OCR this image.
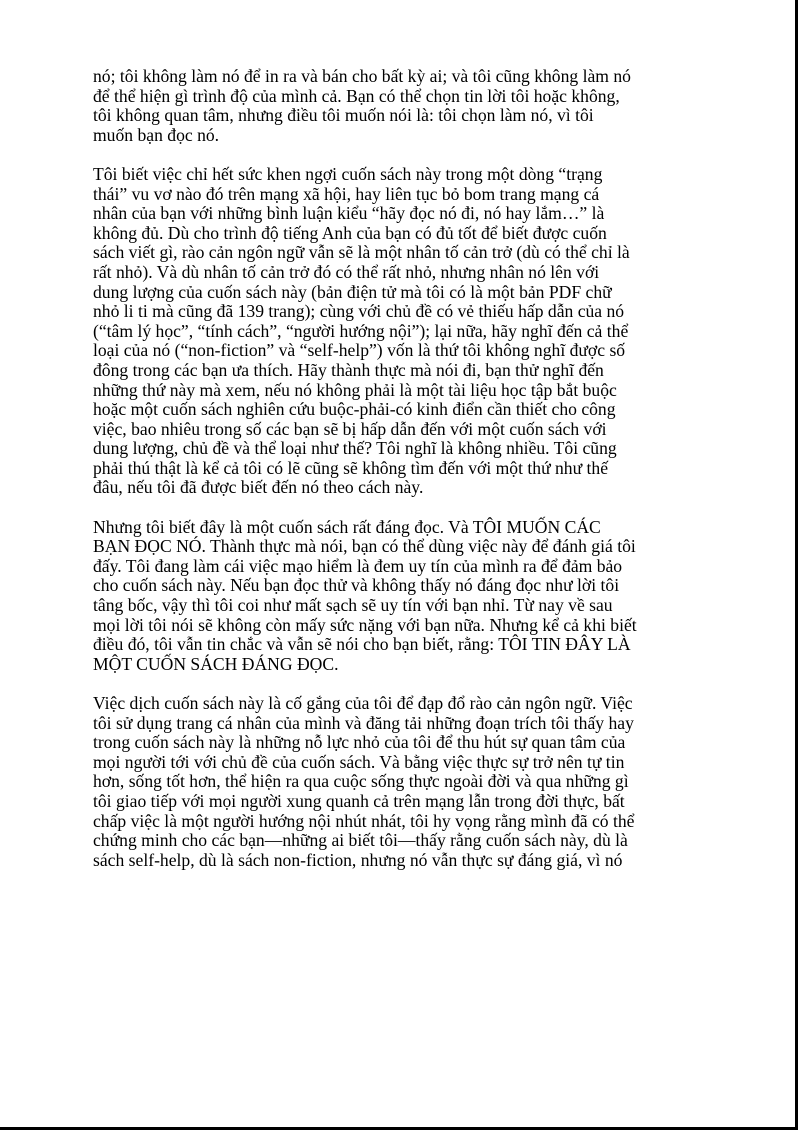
nó; tôi không làm nó để in ra và bán cho bất kỳ ai; và tôi cũng không làm nó
để thể hiện gì trình độ của mình cả. Bạn có thể chọn tin lời tôi hoặc không,
tôi không quan tâm, nhưng điều tôi muốn nói là: tôi chọn làm nó, vì tôi
muốn bạn đọc nó.

Tôi biết việc chỉ hết sức khen ngợi cuốn sách này trong một dòng “trạng
thái” vu vơ nào đó trên mạng xã hội, hay liên tục bỏ bom trang mạng cá
nhân của bạn với những bình luận kiểu “hãy đọc nó đi, nó hay lắm…” là
không đủ. Dù cho trình độ tiếng Anh của bạn có đủ tốt để biết được cuốn
sách viết gì, rào cản ngôn ngữ vẫn sẽ là một nhân tố cản trở (dù có thể chỉ là
rất nhỏ). Và dù nhân tố cản trở đó có thể rất nhỏ, nhưng nhân nó lên với
dung lượng của cuốn sách này (bản điện tử mà tôi có là một bản PDF chữ
nhỏ li ti mà cũng đã 139 trang); cùng với chủ đề có vẻ thiếu hấp dẫn của nó
(“tâm lý học”, “tính cách”, “người hướng nội”); lại nữa, hãy nghĩ đến cả thể
loại của nó (“non-fiction” và “self-help”) vốn là thứ tôi không nghĩ được số
đông trong các bạn ưa thích. Hãy thành thực mà nói đi, bạn thử nghĩ đến
những thứ này mà xem, nếu nó không phải là một tài liệu học tập bắt buộc
hoặc một cuốn sách nghiên cứu buộc-phải-có kinh điển cần thiết cho công
việc, bao nhiêu trong số các bạn sẽ bị hấp dẫn đến với một cuốn sách với
dung lượng, chủ đề và thể loại như thế? Tôi nghĩ là không nhiều. Tôi cũng
phải thú thật là kể cả tôi có lẽ cũng sẽ không tìm đến với một thứ như thế
đâu, nếu tôi đã được biết đến nó theo cách này.

Nhưng tôi biết đây là một cuốn sách rất đáng đọc. Và TÔI MUỐN CÁC
BẠN ĐỌC NÓ. Thành thực mà nói, bạn có thể dùng việc này để đánh giá tôi
đấy. Tôi đang làm cái việc mạo hiểm là đem uy tín của mình ra để đảm bảo
cho cuốn sách này. Nếu bạn đọc thử và không thấy nó đáng đọc như lời tôi
tâng bốc, vậy thì tôi coi như mất sạch sẽ uy tín với bạn nhỉ. Từ nay về sau
mọi lời tôi nói sẽ không còn mấy sức nặng với bạn nữa. Nhưng kể cả khi biết
điều đó, tôi vẫn tin chắc và vẫn sẽ nói cho bạn biết, rằng: TÔI TIN ĐÂY LÀ
MỘT CUỐN SÁCH ĐÁNG ĐỌC.

Việc dịch cuốn sách này là cố gắng của tôi để đạp đổ rào cản ngôn ngữ. Việc
tôi sử dụng trang cá nhân của mình và đăng tải những đoạn trích tôi thấy hay
trong cuốn sách này là những nỗ lực nhỏ của tôi để thu hút sự quan tâm của
mọi người tới với chủ đề của cuốn sách. Và bằng việc thực sự trở nên tự tin
hơn, sống tốt hơn, thể hiện ra qua cuộc sống thực ngoài đời và qua những gì
tôi giao tiếp với mọi người xung quanh cả trên mạng lẫn trong đời thực, bất
chấp việc là một người hướng nội nhút nhát, tôi hy vọng rằng mình đã có thể
chứng minh cho các bạn—những ai biết tôi—thấy rằng cuốn sách này, dù là
sách self-help, dù là sách non-fiction, nhưng nó vẫn thực sự đáng giá, vì nó
